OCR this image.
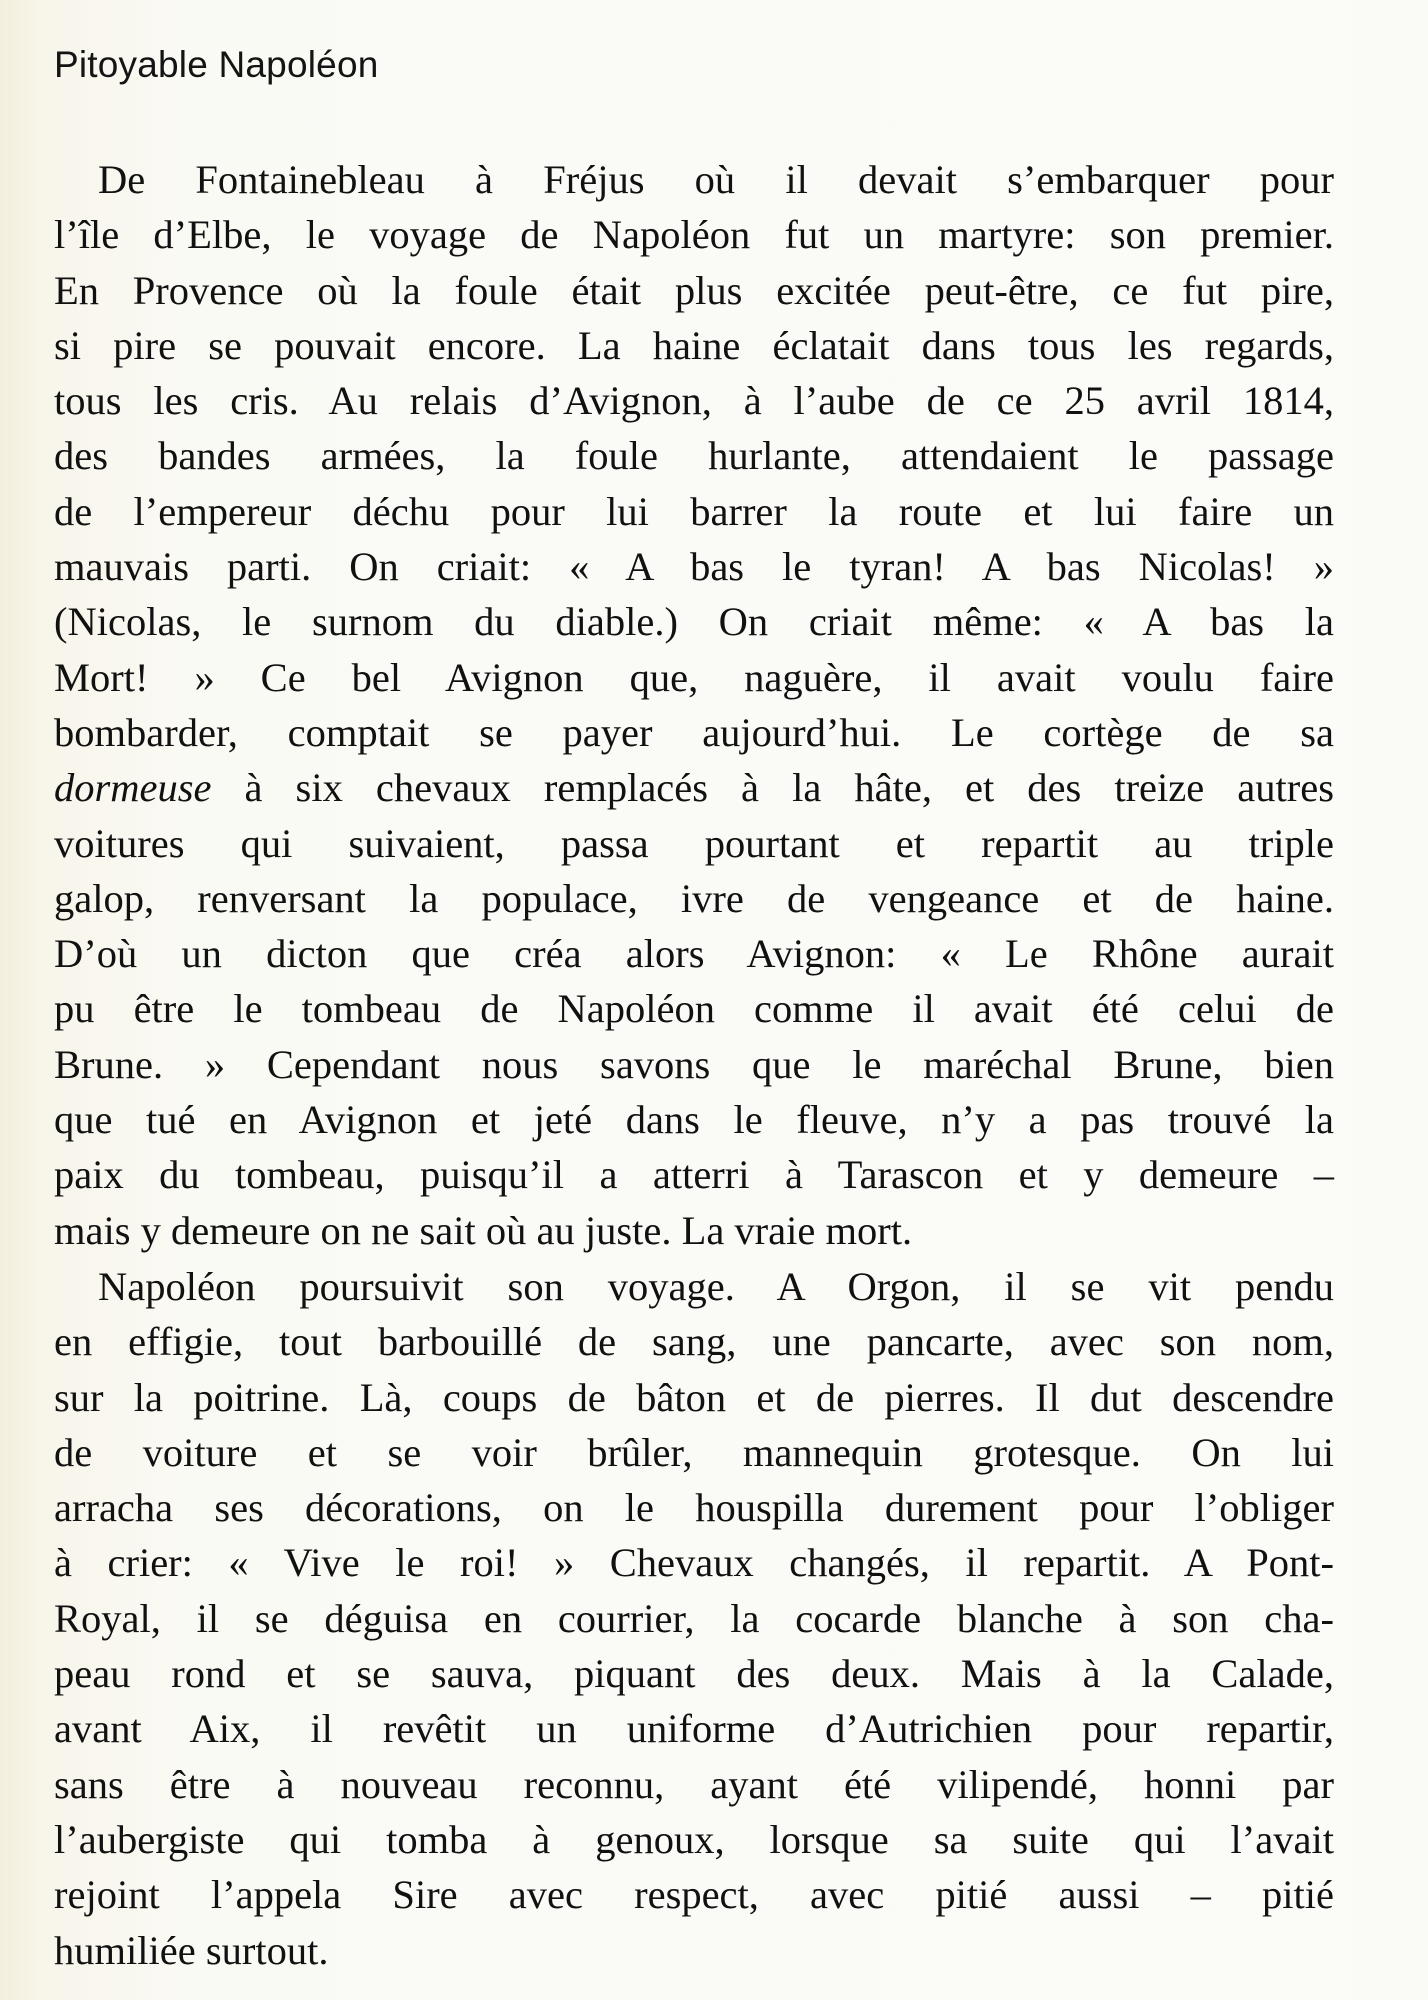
Pitoyable Napoléon
De Fontainebleau à Fréjus où il devait s’embarquer pour
l’île d’Elbe, le voyage de Napoléon fut un martyre: son premier.
En Provence où la foule était plus excitée peut-être, ce fut pire,
si pire se pouvait encore. La haine éclatait dans tous les regards,
tous les cris. Au relais d’Avignon, à l’aube de ce 25 avril 1814,
des bandes armées, la foule hurlante, attendaient le passage
de l’empereur déchu pour lui barrer la route et lui faire un
mauvais parti. On criait: « A bas le tyran! A bas Nicolas! »
(Nicolas, le surnom du diable.) On criait même: « A bas la
Mort! » Ce bel Avignon que, naguère, il avait voulu faire
bombarder, comptait se payer aujourd’hui. Le cortège de sa
dormeuse à six chevaux remplacés à la hâte, et des treize autres
voitures qui suivaient, passa pourtant et repartit au triple
galop, renversant la populace, ivre de vengeance et de haine.
D’où un dicton que créa alors Avignon: « Le Rhône aurait
pu être le tombeau de Napoléon comme il avait été celui de
Brune. » Cependant nous savons que le maréchal Brune, bien
que tué en Avignon et jeté dans le fleuve, n’y a pas trouvé la
paix du tombeau, puisqu’il a atterri à Tarascon et y demeure –
mais y demeure on ne sait où au juste. La vraie mort.
Napoléon poursuivit son voyage. A Orgon, il se vit pendu
en effigie, tout barbouillé de sang, une pancarte, avec son nom,
sur la poitrine. Là, coups de bâton et de pierres. Il dut descendre
de voiture et se voir brûler, mannequin grotesque. On lui
arracha ses décorations, on le houspilla durement pour l’obliger
à crier: « Vive le roi! » Chevaux changés, il repartit. A Pont-
Royal, il se déguisa en courrier, la cocarde blanche à son cha-
peau rond et se sauva, piquant des deux. Mais à la Calade,
avant Aix, il revêtit un uniforme d’Autrichien pour repartir,
sans être à nouveau reconnu, ayant été vilipendé, honni par
l’aubergiste qui tomba à genoux, lorsque sa suite qui l’avait
rejoint l’appela Sire avec respect, avec pitié aussi – pitié
humiliée surtout.
